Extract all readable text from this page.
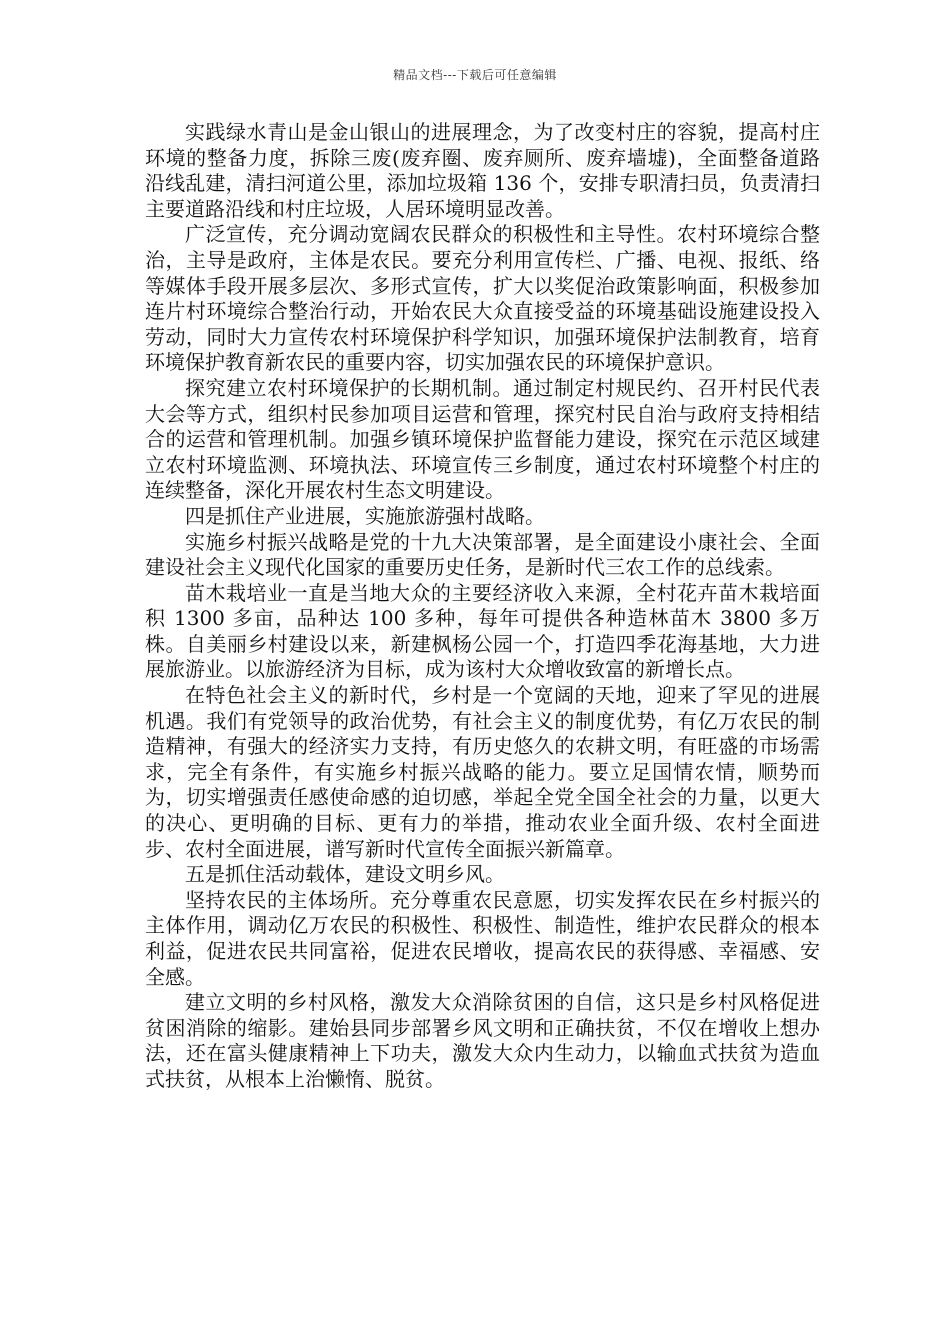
精品文档---下载后可任意编辑

实践绿水青山是金山银山的进展理念，为了改变村庄的容貌，提高村庄环境的整备力度，拆除三废(废弃圈、废弃厕所、废弃墙墟)，全面整备道路沿线乱建，清扫河道公里，添加垃圾箱 136 个，安排专职清扫员，负责清扫主要道路沿线和村庄垃圾，人居环境明显改善。

广泛宣传，充分调动宽阔农民群众的积极性和主导性。农村环境综合整治，主导是政府，主体是农民。要充分利用宣传栏、广播、电视、报纸、络等媒体手段开展多层次、多形式宣传，扩大以奖促治政策影响面，积极参加连片村环境综合整治行动，开始农民大众直接受益的环境基础设施建设投入劳动，同时大力宣传农村环境保护科学知识，加强环境保护法制教育，培育环境保护教育新农民的重要内容，切实加强农民的环境保护意识。

探究建立农村环境保护的长期机制。通过制定村规民约、召开村民代表大会等方式，组织村民参加项目运营和管理，探究村民自治与政府支持相结合的运营和管理机制。加强乡镇环境保护监督能力建设，探究在示范区域建立农村环境监测、环境执法、环境宣传三乡制度，通过农村环境整个村庄的连续整备，深化开展农村生态文明建设。

四是抓住产业进展，实施旅游强村战略。

实施乡村振兴战略是党的十九大决策部署，是全面建设小康社会、全面建设社会主义现代化国家的重要历史任务，是新时代三农工作的总线索。

苗木栽培业一直是当地大众的主要经济收入来源，全村花卉苗木栽培面积 1300 多亩，品种达 100 多种，每年可提供各种造林苗木 3800 多万株。自美丽乡村建设以来，新建枫杨公园一个，打造四季花海基地，大力进展旅游业。以旅游经济为目标，成为该村大众增收致富的新增长点。

在特色社会主义的新时代，乡村是一个宽阔的天地，迎来了罕见的进展机遇。我们有党领导的政治优势，有社会主义的制度优势，有亿万农民的制造精神，有强大的经济实力支持，有历史悠久的农耕文明，有旺盛的市场需求，完全有条件，有实施乡村振兴战略的能力。要立足国情农情，顺势而为，切实增强责任感使命感的迫切感，举起全党全国全社会的力量，以更大的决心、更明确的目标、更有力的举措，推动农业全面升级、农村全面进步、农村全面进展，谱写新时代宣传全面振兴新篇章。

五是抓住活动载体，建设文明乡风。

坚持农民的主体场所。充分尊重农民意愿，切实发挥农民在乡村振兴的主体作用，调动亿万农民的积极性、积极性、制造性，维护农民群众的根本利益，促进农民共同富裕，促进农民增收，提高农民的获得感、幸福感、安全感。

建立文明的乡村风格，激发大众消除贫困的自信，这只是乡村风格促进贫困消除的缩影。建始县同步部署乡风文明和正确扶贫，不仅在增收上想办法，还在富头健康精神上下功夫，激发大众内生动力，以输血式扶贫为造血式扶贫，从根本上治懒惰、脱贫。
